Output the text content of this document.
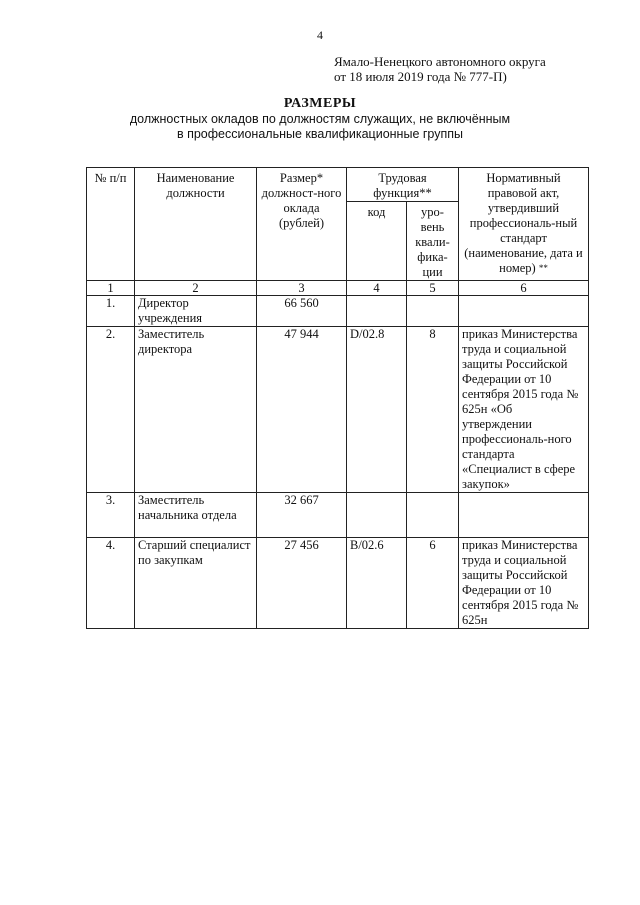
4
Ямало-Ненецкого автономного округа
от 18 июля 2019 года № 777-П)
РАЗМЕРЫ
должностных окладов по должностям служащих, не включённым
в профессиональные квалификационные группы
№ п/п	Наименование должности	Размер* должност-ного оклада (рублей)	Трудовая функция**		Нормативный правовой акт, утвердивший профессиональ-ный стандарт (наименование, дата и номер) **
			код	уро-вень квали-фика-ции	
1	2	3	4	5	6
1.	Директор учреждения	66 560			
2.	Заместитель директора	47 944	D/02.8	8	приказ Министерства труда и социальной защиты Российской Федерации от 10 сентября 2015 года № 625н «Об утверждении профессиональ-ного стандарта «Специалист в сфере закупок»
3.	Заместитель начальника отдела	32 667			
4.	Старший специалист по закупкам	27 456	B/02.6	6	приказ Министерства труда и социальной защиты Российской Федерации от 10 сентября 2015 года № 625н
